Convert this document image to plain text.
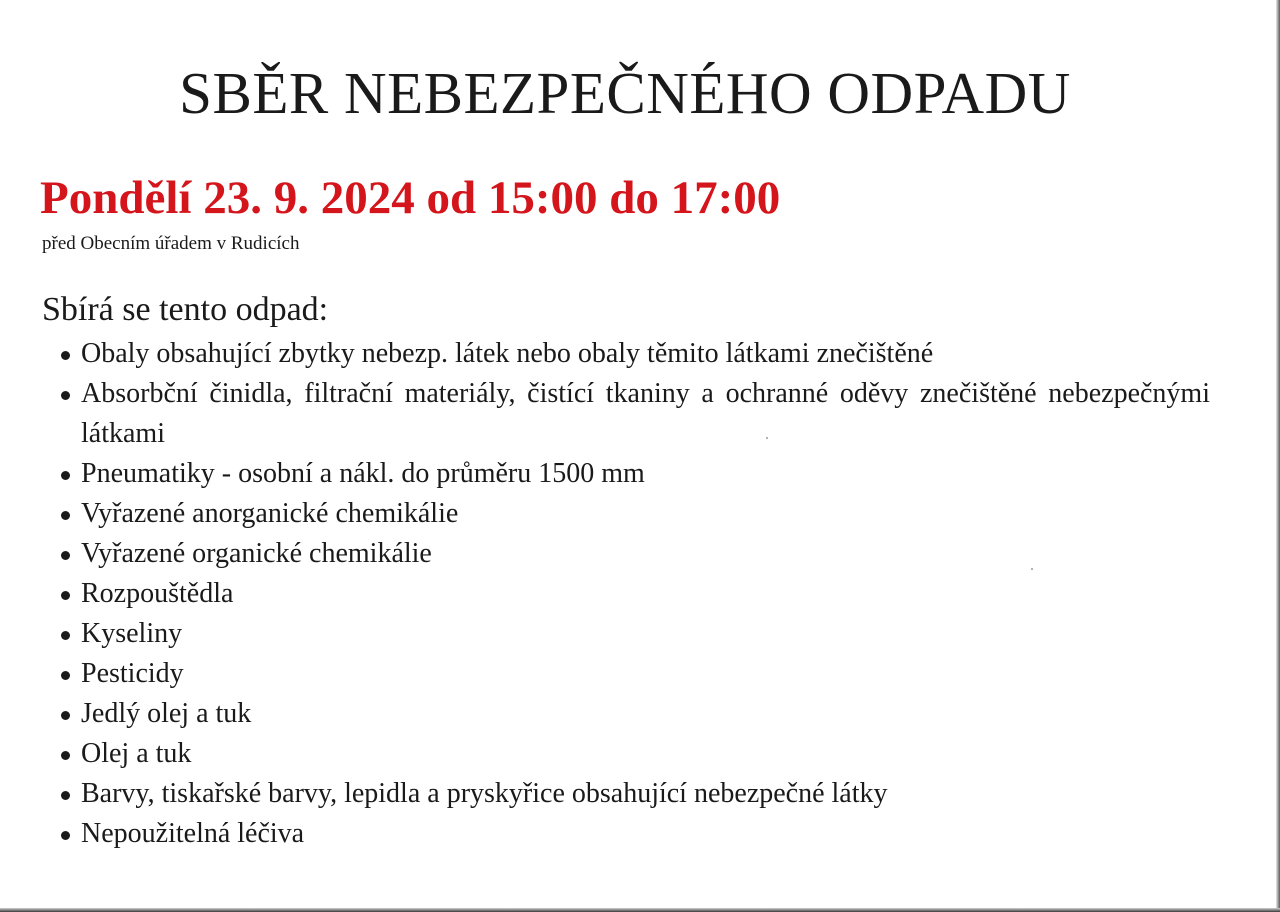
SBĚR NEBEZPEČNÉHO ODPADU

Pondělí 23. 9. 2024 od 15:00 do 17:00

před Obecním úřadem v Rudicích

Sbírá se tento odpad:

Obaly obsahující zbytky nebezp. látek nebo obaly těmito látkami znečištěné
Absorbční činidla, filtrační materiály, čistící tkaniny a ochranné oděvy znečištěné nebezpečnými látkami
Pneumatiky - osobní a nákl. do průměru 1500 mm
Vyřazené anorganické chemikálie
Vyřazené organické chemikálie
Rozpouštědla
Kyseliny
Pesticidy
Jedlý olej a tuk
Olej a tuk
Barvy, tiskařské barvy, lepidla a pryskyřice obsahující nebezpečné látky
Nepoužitelná léčiva
